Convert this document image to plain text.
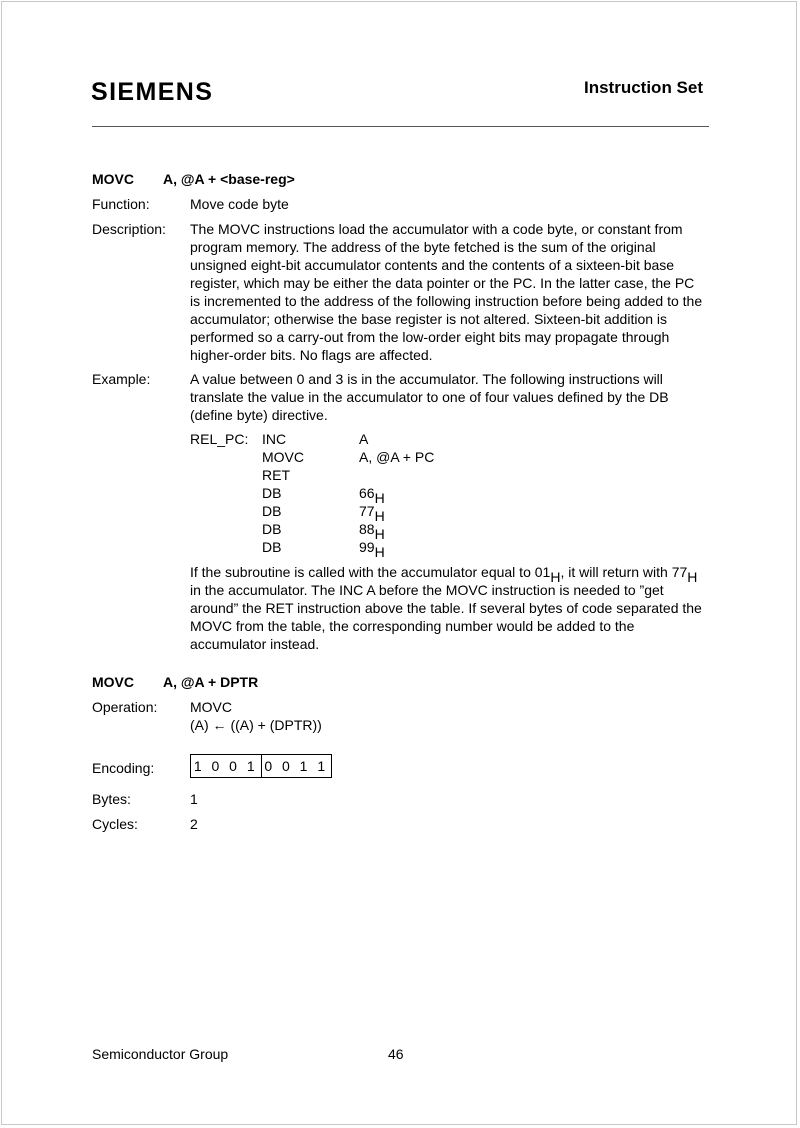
SIEMENS	Instruction Set
MOVC A, @A + <base-reg>
Function:	Move code byte
Description: The MOVC instructions load the accumulator with a code byte, or constant from
program memory. The address of the byte fetched is the sum of the original
unsigned eight-bit accumulator contents and the contents of a sixteen-bit base
register, which may be either the data pointer or the PC. In the latter case, the PC
is incremented to the address of the following instruction before being added to the
accumulator; otherwise the base register is not altered. Sixteen-bit addition is
performed so a carry-out from the low-order eight bits may propagate through
higher-order bits. No flags are affected.
Example:	A value between 0 and 3 is in the accumulator. The following instructions will
translate the value in the accumulator to one of four values defined by the DB
(define byte) directive.
REL_PC: INC	A
MOVC	A, @A + PC
RET
DB	$66_H$
DB	$77_H$
DB	$88_H$
DB	$99_H$
If the subroutine is called with the accumulator equal to $01_H$, it will return with $77_H$
in the accumulator. The INC A before the MOVC instruction is needed to ”get
around” the RET instruction above the table. If several bytes of code separated the
MOVC from the table, the corresponding number would be added to the
accumulator instead.
MOVC A, @A + DPTR
Operation: MOVC
(A) ← ((A) + (DPTR))
Encoding:	1 0 0 1 0 0 1 1
Bytes:	1
Cycles:	2
Semiconductor Group	46
